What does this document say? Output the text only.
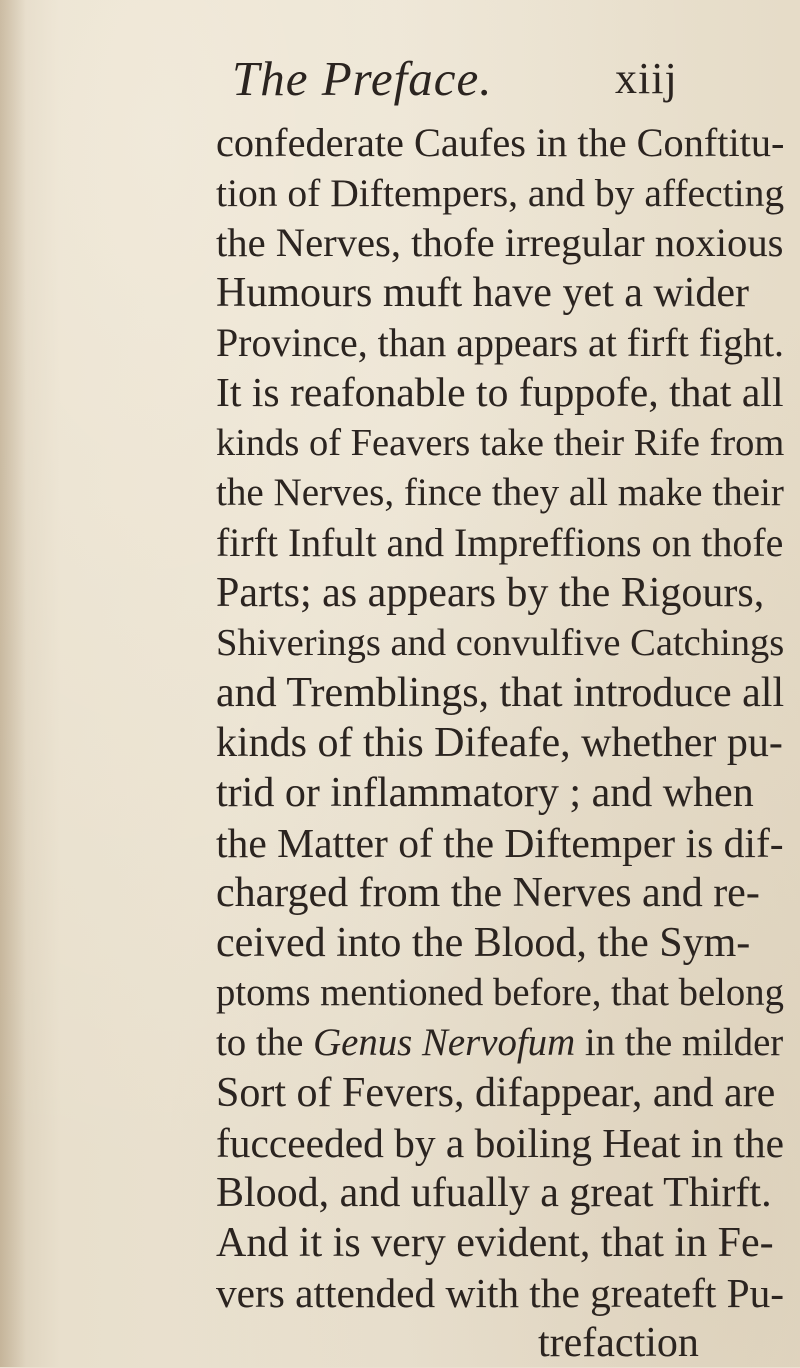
The Preface.	xiij
confederate Caufes in the Conftitu-
tion of Diftempers, and by affecting
the Nerves, thofe irregular noxious
Humours muft have yet a wider
Province, than appears at firft fight.
It is reafonable to fuppofe, that all
kinds of Feavers take their Rife from
the Nerves, fince they all make their
firft Infult and Impreffions on thofe
Parts; as appears by the Rigours,
Shiverings and convulfive Catchings
and Tremblings, that introduce all
kinds of this Difeafe, whether pu-
trid or inflammatory ; and when
the Matter of the Diftemper is dif-
charged from the Nerves and re-
ceived into the Blood, the Sym-
ptoms mentioned before, that belong
to the Genus Nervofum in the milder
Sort of Fevers, difappear, and are
fucceeded by a boiling Heat in the
Blood, and ufually a great Thirft.
And it is very evident, that in Fe-
vers attended with the greateft Pu-
trefaction
